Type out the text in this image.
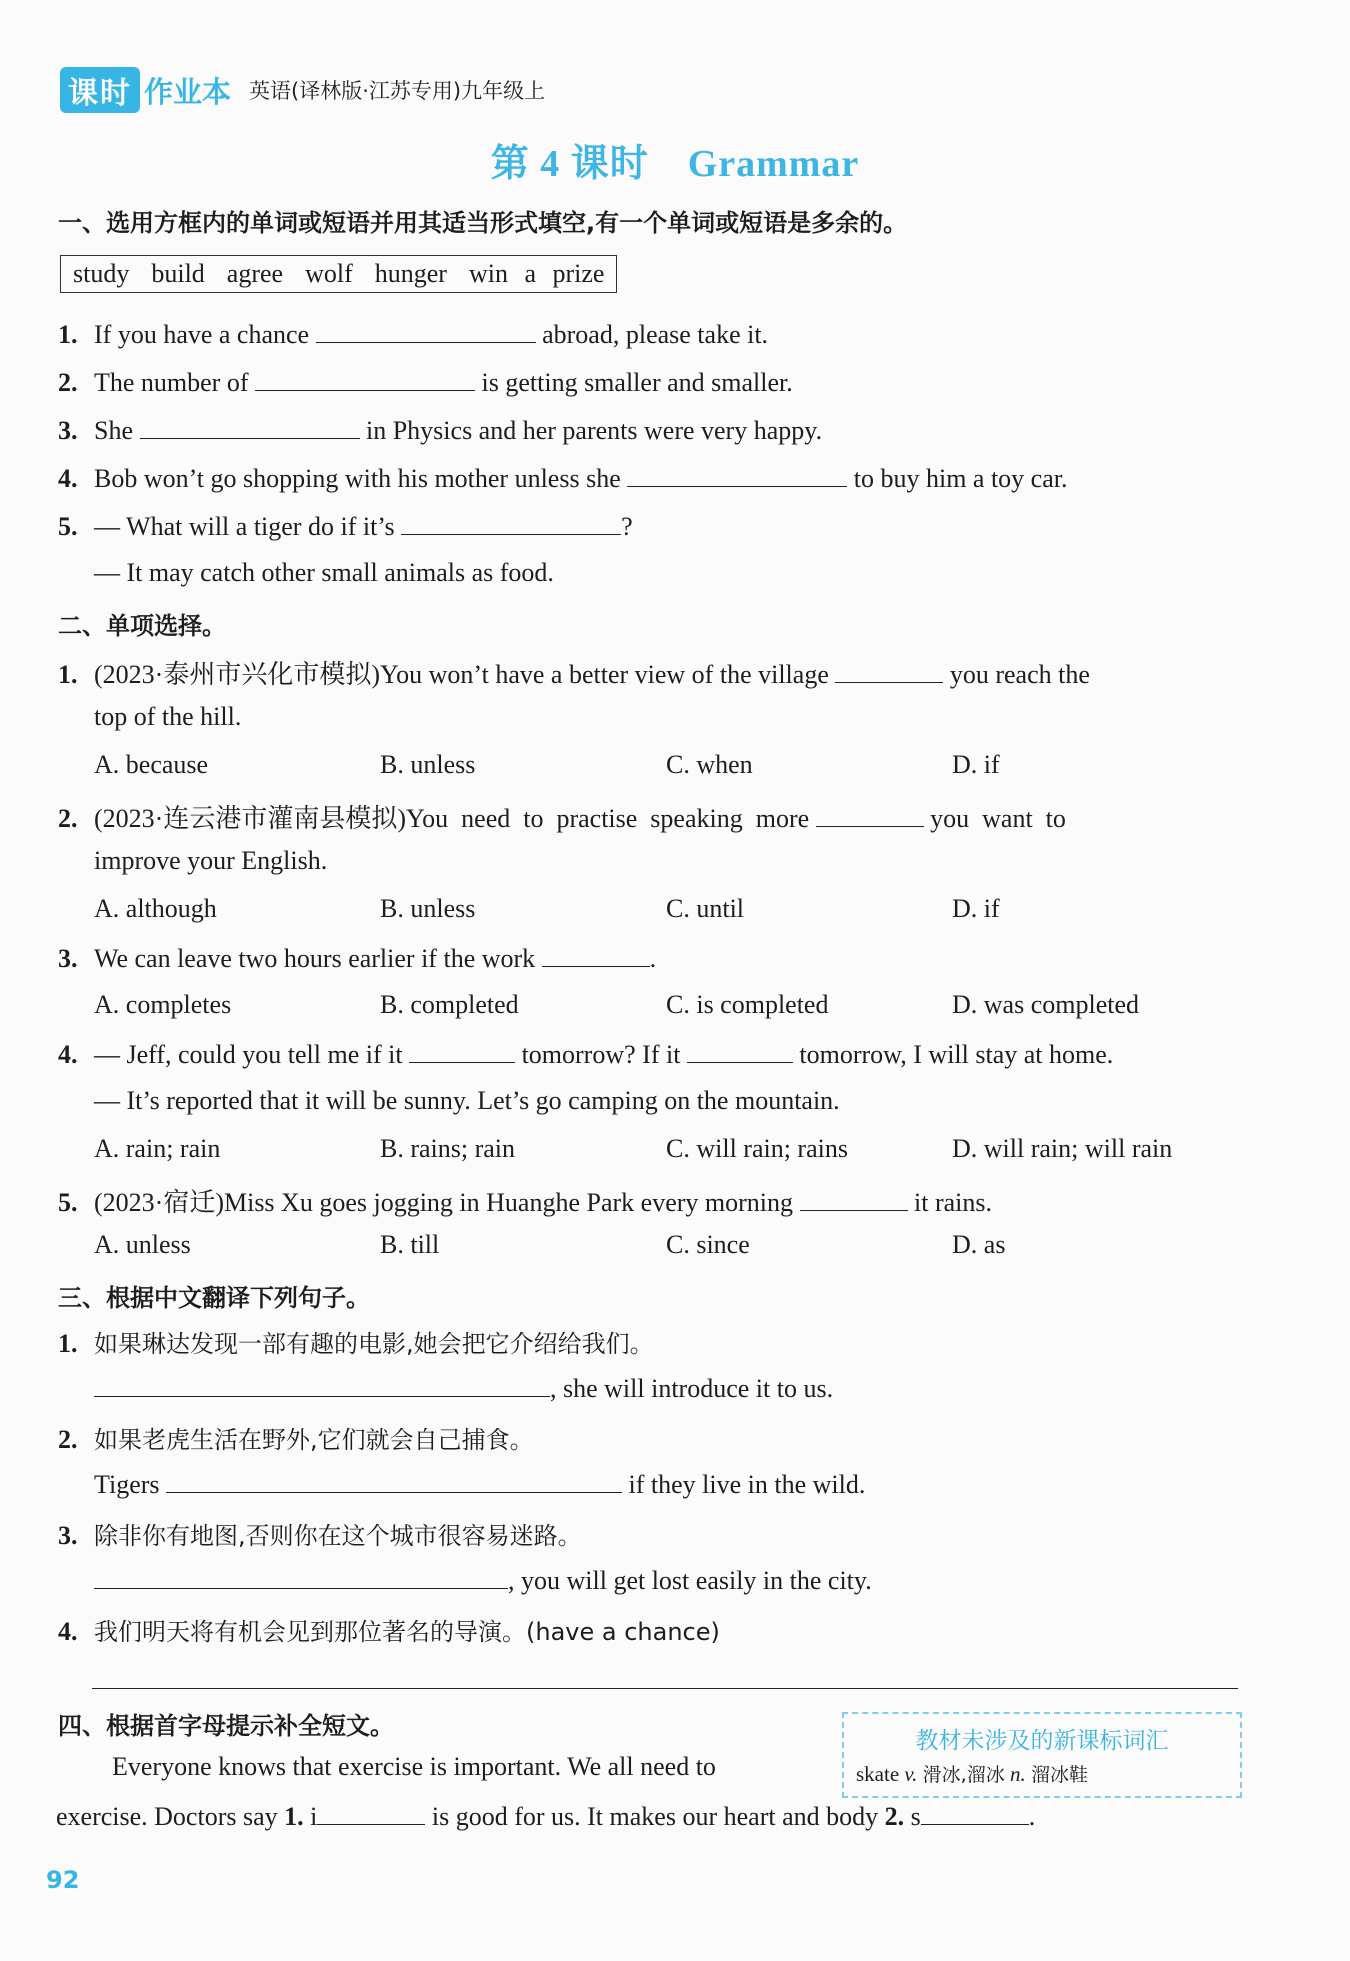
课时 作业本 英语(译林版·江苏专用)九年级上
第 4 课时　Grammar
一、选用方框内的单词或短语并用其适当形式填空,有一个单词或短语是多余的。
study build agree wolf hunger win a prize
1. If you have a chance	abroad, please take it.
2. The number of	is getting smaller and smaller.
3. She	in Physics and her parents were very happy.
4. Bob won’t go shopping with his mother unless she	to buy him a toy car.
5. — What will a tiger do if it’s	?
— It may catch other small animals as food.
二、单项选择。
1. (2023·泰州市兴化市模拟)You won’t have a better view of the village	you reach the
top of the hill.
A. because	B. unless	C. when	D. if
2. (2023·连云港市灌南县模拟)You  need  to  practise  speaking  more	you  want  to
improve your English.
A. although	B. unless	C. until	D. if
3. We can leave two hours earlier if the work	.
A. completes	B. completed	C. is completed	D. was completed
4. — Jeff, could you tell me if it	tomorrow? If it	tomorrow, I will stay at home.
— It’s reported that it will be sunny. Let’s go camping on the mountain.
A. rain; rain	B. rains; rain	C. will rain; rains	D. will rain; will rain
5. (2023·宿迁)Miss Xu goes jogging in Huanghe Park every morning	it rains.
A. unless	B. till	C. since	D. as
三、根据中文翻译下列句子。
1. 如果琳达发现一部有趣的电影,她会把它介绍给我们。
, she will introduce it to us.
2. 如果老虎生活在野外,它们就会自己捕食。
Tigers	if they live in the wild.
3. 除非你有地图,否则你在这个城市很容易迷路。
, you will get lost easily in the city.
4. 我们明天将有机会见到那位著名的导演。(have a chance)
四、根据首字母提示补全短文。
教材未涉及的新课标词汇
skate v. 滑冰,溜冰 n. 溜冰鞋
Everyone knows that exercise is important. We all need to
exercise. Doctors say 1. i	is good for us. It makes our heart and body 2. s	.
92
